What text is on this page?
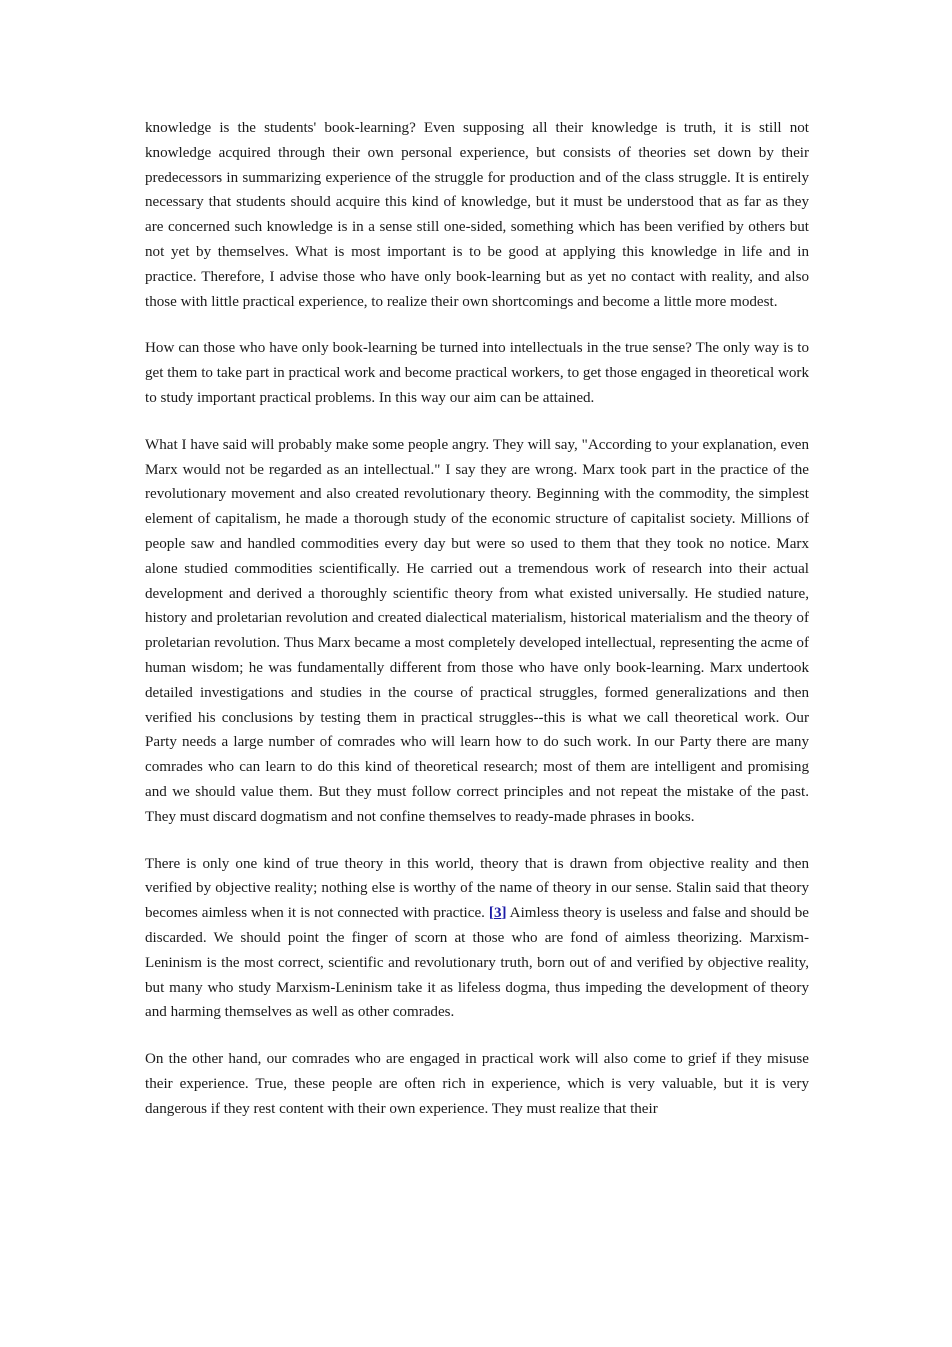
knowledge is the students' book-learning? Even supposing all their knowledge is truth, it is still not knowledge acquired through their own personal experience, but consists of theories set down by their predecessors in summarizing experience of the struggle for production and of the class struggle. It is entirely necessary that students should acquire this kind of knowledge, but it must be understood that as far as they are concerned such knowledge is in a sense still one-sided, something which has been verified by others but not yet by themselves. What is most important is to be good at applying this knowledge in life and in practice. Therefore, I advise those who have only book-learning but as yet no contact with reality, and also those with little practical experience, to realize their own shortcomings and become a little more modest.

How can those who have only book-learning be turned into intellectuals in the true sense? The only way is to get them to take part in practical work and become practical workers, to get those engaged in theoretical work to study important practical problems. In this way our aim can be attained.

What I have said will probably make some people angry. They will say, "According to your explanation, even Marx would not be regarded as an intellectual." I say they are wrong. Marx took part in the practice of the revolutionary movement and also created revolutionary theory. Beginning with the commodity, the simplest element of capitalism, he made a thorough study of the economic structure of capitalist society. Millions of people saw and handled commodities every day but were so used to them that they took no notice. Marx alone studied commodities scientifically. He carried out a tremendous work of research into their actual development and derived a thoroughly scientific theory from what existed universally. He studied nature, history and proletarian revolution and created dialectical materialism, historical materialism and the theory of proletarian revolution. Thus Marx became a most completely developed intellectual, representing the acme of human wisdom; he was fundamentally different from those who have only book-learning. Marx undertook detailed investigations and studies in the course of practical struggles, formed generalizations and then verified his conclusions by testing them in practical struggles--this is what we call theoretical work. Our Party needs a large number of comrades who will learn how to do such work. In our Party there are many comrades who can learn to do this kind of theoretical research; most of them are intelligent and promising and we should value them. But they must follow correct principles and not repeat the mistake of the past. They must discard dogmatism and not confine themselves to ready-made phrases in books.

There is only one kind of true theory in this world, theory that is drawn from objective reality and then verified by objective reality; nothing else is worthy of the name of theory in our sense. Stalin said that theory becomes aimless when it is not connected with practice. [3] Aimless theory is useless and false and should be discarded. We should point the finger of scorn at those who are fond of aimless theorizing. Marxism-Leninism is the most correct, scientific and revolutionary truth, born out of and verified by objective reality, but many who study Marxism-Leninism take it as lifeless dogma, thus impeding the development of theory and harming themselves as well as other comrades.

On the other hand, our comrades who are engaged in practical work will also come to grief if they misuse their experience. True, these people are often rich in experience, which is very valuable, but it is very dangerous if they rest content with their own experience. They must realize that their
